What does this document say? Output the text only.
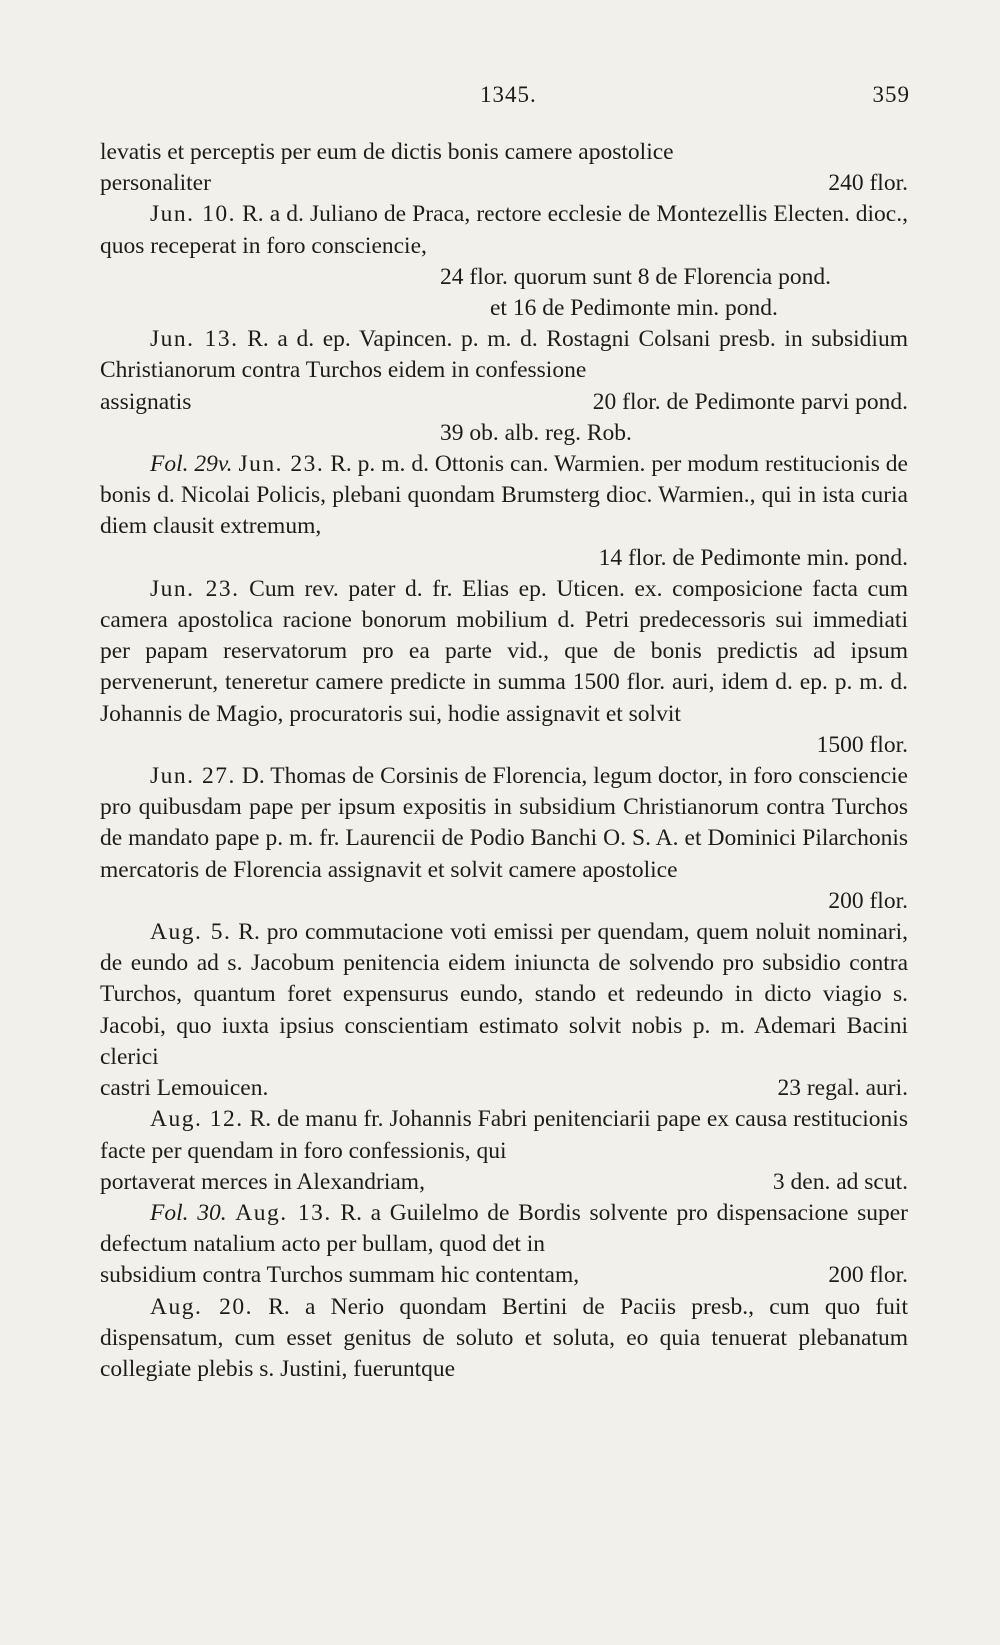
1345.	359

levatis et perceptis per eum de dictis bonis camere apostolice

personaliter	240 flor.

Jun. 10. R. a d. Juliano de Praca, rectore ecclesie de Montezellis Electen. dioc., quos receperat in foro consciencie,

24 flor. quorum sunt 8 de Florencia pond.
et 16 de Pedimonte min. pond.

Jun. 13. R. a d. ep. Vapincen. p. m. d. Rostagni Colsani presb. in subsidium Christianorum contra Turchos eidem in confessione

assignatis	20 flor. de Pedimonte parvi pond.
39 ob. alb. reg. Rob.

Fol. 29v. Jun. 23. R. p. m. d. Ottonis can. Warmien. per modum restitucionis de bonis d. Nicolai Policis, plebani quondam Brumsterg dioc. Warmien., qui in ista curia diem clausit extremum,

14 flor. de Pedimonte min. pond.

Jun. 23. Cum rev. pater d. fr. Elias ep. Uticen. ex. composicione facta cum camera apostolica racione bonorum mobilium d. Petri predecessoris sui immediati per papam reservatorum pro ea parte vid., que de bonis predictis ad ipsum pervenerunt, teneretur camere predicte in summa 1500 flor. auri, idem d. ep. p. m. d. Johannis de Magio, procuratoris sui, hodie assignavit et solvit

1500 flor.

Jun. 27. D. Thomas de Corsinis de Florencia, legum doctor, in foro consciencie pro quibusdam pape per ipsum expositis in subsidium Christianorum contra Turchos de mandato pape p. m. fr. Laurencii de Podio Banchi O. S. A. et Dominici Pilarchonis mercatoris de Florencia assignavit et solvit camere apostolice

200 flor.

Aug. 5. R. pro commutacione voti emissi per quendam, quem noluit nominari, de eundo ad s. Jacobum penitencia eidem iniuncta de solvendo pro subsidio contra Turchos, quantum foret expensurus eundo, stando et redeundo in dicto viagio s. Jacobi, quo iuxta ipsius conscientiam estimato solvit nobis p. m. Ademari Bacini clerici

castri Lemouicen.	23 regal. auri.

Aug. 12. R. de manu fr. Johannis Fabri penitenciarii pape ex causa restitucionis facte per quendam in foro confessionis, qui

portaverat merces in Alexandriam,	3 den. ad scut.

Fol. 30. Aug. 13. R. a Guilelmo de Bordis solvente pro dispensacione super defectum natalium acto per bullam, quod det in

subsidium contra Turchos summam hic contentam,	200 flor.

Aug. 20. R. a Nerio quondam Bertini de Paciis presb., cum quo fuit dispensatum, cum esset genitus de soluto et soluta, eo quia tenuerat plebanatum collegiate plebis s. Justini, fueruntque
